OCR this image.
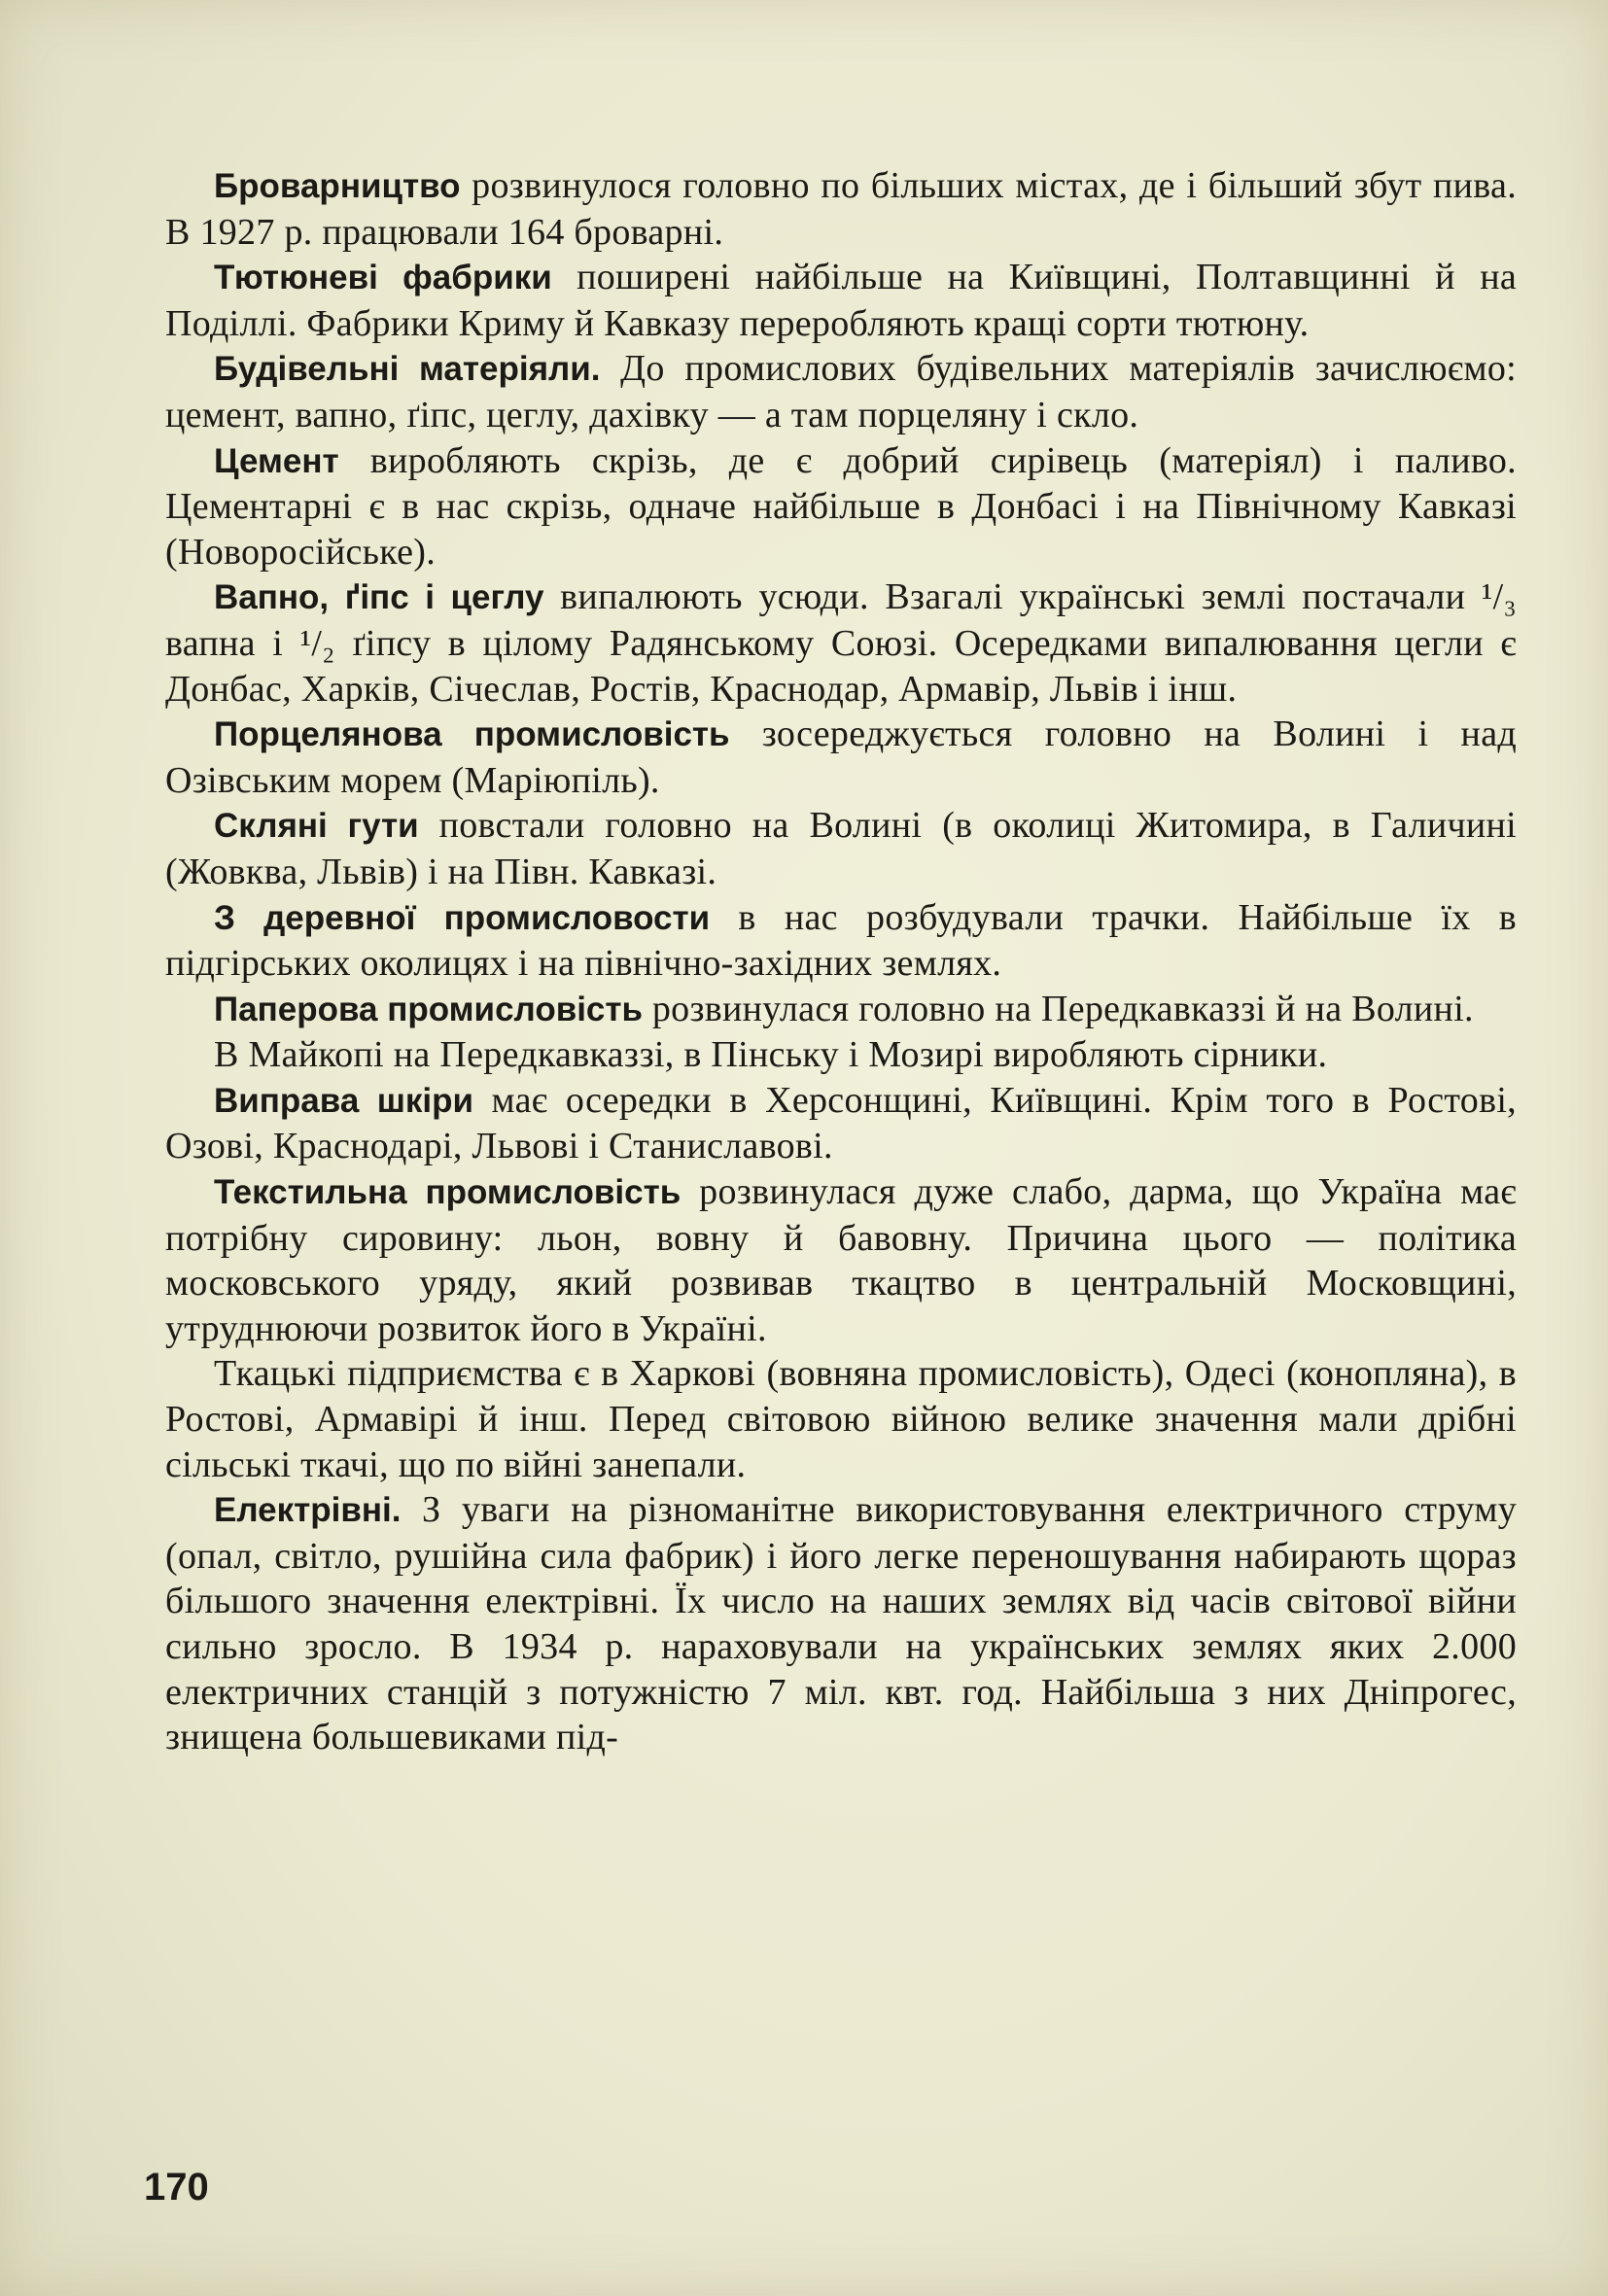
Броварництво розвинулося головно по більших містах, де і більший збут пива. В 1927 р. працювали 164 броварні.

Тютюневі фабрики поширені найбільше на Київщині, Полтавщинні й на Поділлі. Фабрики Криму й Кавказу переробляють кращі сорти тютюну.

Будівельні матеріяли. До промислових будівельних матеріялів зачислюємо: цемент, вапно, ґіпс, цеглу, дахівку — а там порцеляну і скло.

Цемент виробляють скрізь, де є добрий сирівець (матеріял) і паливо. Цементарні є в нас скрізь, одначе найбільше в Донбасі і на Північному Кавказі (Новоросійське).

Вапно, ґіпс і цеглу випалюють усюди. Взагалі українські землі постачали ¹/₃ вапна і ¹/₂ ґіпсу в цілому Радянському Союзі. Осередками випалювання цегли є Донбас, Харків, Січеслав, Ростів, Краснодар, Армавір, Львів і інш.

Порцелянова промисловість зосереджується головно на Волині і над Озівським морем (Маріюпіль).

Скляні гути повстали головно на Волині (в околиці Житомира, в Галичині (Жовква, Львів) і на Півн. Кавказі.

З деревної промисловости в нас розбудували трачки. Найбільше їх в підгірських околицях і на північно-західних землях.

Паперова промисловість розвинулася головно на Передкавказзі й на Волині.

В Майкопі на Передкавказзі, в Пінську і Мозирі виробляють сірники.

Виправа шкіри має осередки в Херсонщині, Київщині. Крім того в Ростові, Озові, Краснодарі, Львові і Станиславові.

Текстильна промисловість розвинулася дуже слабо, дарма, що Україна має потрібну сировину: льон, вовну й бавовну. Причина цього — політика московського уряду, який розвивав ткацтво в центральній Московщині, утруднюючи розвиток його в Україні.

Ткацькі підприємства є в Харкові (вовняна промисловість), Одесі (конопляна), в Ростові, Армавірі й інш. Перед світовою війною велике значення мали дрібні сільські ткачі, що по війні занепали.

Електрівні. З уваги на різноманітне використовування електричного струму (опал, світло, рушійна сила фабрик) і його легке переношування набирають щораз більшого значення електрівні. Їх число на наших землях від часів світової війни сильно зросло. В 1934 р. нараховували на українських землях яких 2.000 електричних станцій з потужністю 7 міл. квт. год. Найбільша з них Дніпрогес, знищена большевиками під-

170
